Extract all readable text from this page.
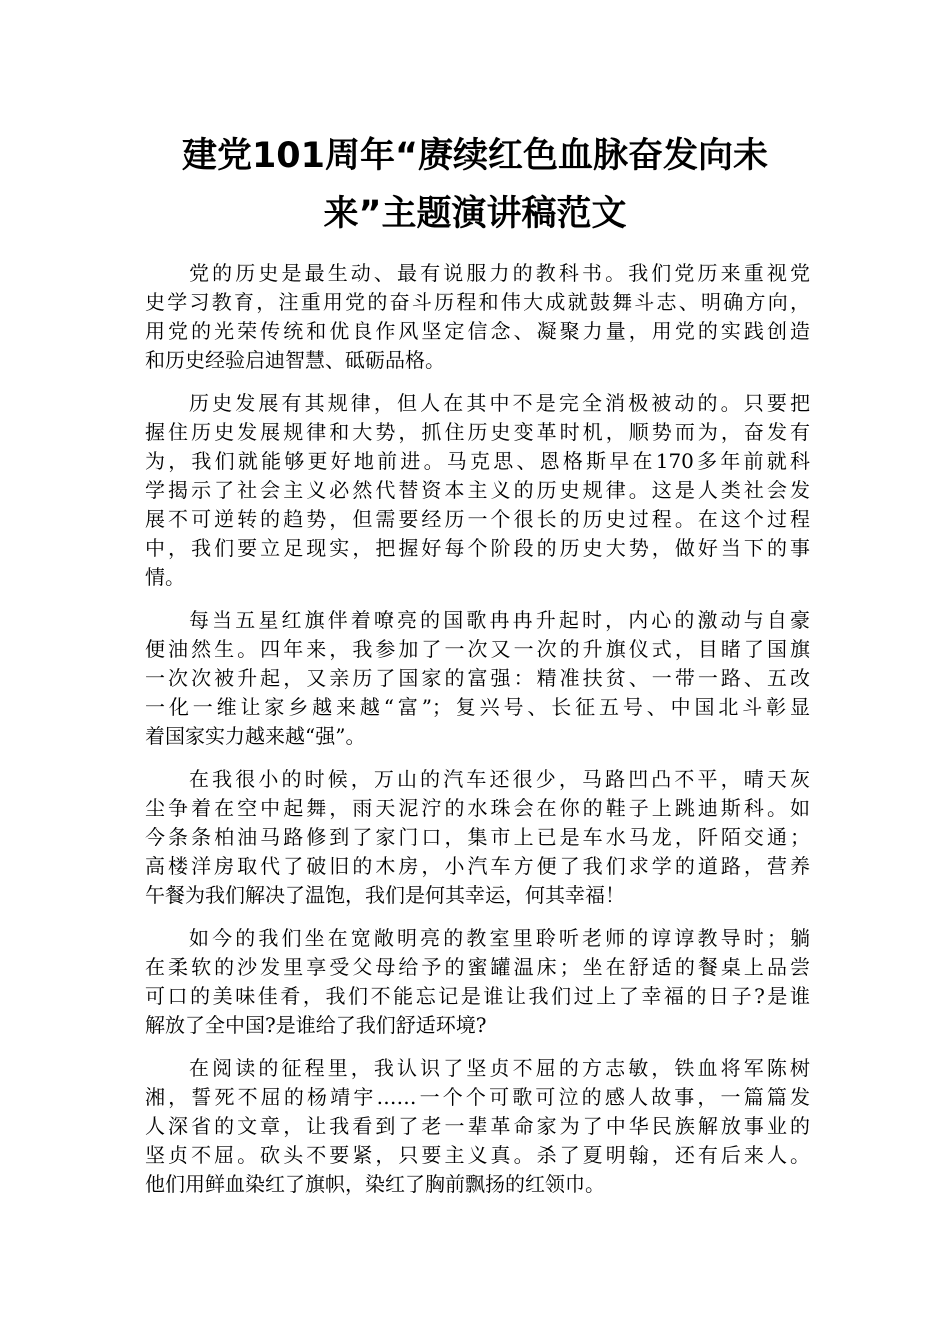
建党101周年“赓续红色血脉奋发向未
来”主题演讲稿范文
党的历史是最生动、最有说服力的教科书。我们党历来重视党
史学习教育，注重用党的奋斗历程和伟大成就鼓舞斗志、明确方向，
用党的光荣传统和优良作风坚定信念、凝聚力量，用党的实践创造
和历史经验启迪智慧、砥砺品格。
历史发展有其规律，但人在其中不是完全消极被动的。只要把
握住历史发展规律和大势，抓住历史变革时机，顺势而为，奋发有
为，我们就能够更好地前进。马克思、恩格斯早在170多年前就科
学揭示了社会主义必然代替资本主义的历史规律。这是人类社会发
展不可逆转的趋势，但需要经历一个很长的历史过程。在这个过程
中，我们要立足现实，把握好每个阶段的历史大势，做好当下的事
情。
每当五星红旗伴着嘹亮的国歌冉冉升起时，内心的激动与自豪
便油然生。四年来，我参加了一次又一次的升旗仪式，目睹了国旗
一次次被升起，又亲历了国家的富强：精准扶贫、一带一路、五改
一化一维让家乡越来越“富”；复兴号、长征五号、中国北斗彰显
着国家实力越来越“强”。
在我很小的时候，万山的汽车还很少，马路凹凸不平，晴天灰
尘争着在空中起舞，雨天泥泞的水珠会在你的鞋子上跳迪斯科。如
今条条柏油马路修到了家门口，集市上已是车水马龙，阡陌交通；
高楼洋房取代了破旧的木房，小汽车方便了我们求学的道路，营养
午餐为我们解决了温饱，我们是何其幸运，何其幸福！
如今的我们坐在宽敞明亮的教室里聆听老师的谆谆教导时；躺
在柔软的沙发里享受父母给予的蜜罐温床；坐在舒适的餐桌上品尝
可口的美味佳肴，我们不能忘记是谁让我们过上了幸福的日子?是谁
解放了全中国?是谁给了我们舒适环境?
在阅读的征程里，我认识了坚贞不屈的方志敏，铁血将军陈树
湘，誓死不屈的杨靖宇……一个个可歌可泣的感人故事，一篇篇发
人深省的文章，让我看到了老一辈革命家为了中华民族解放事业的
坚贞不屈。砍头不要紧，只要主义真。杀了夏明翰，还有后来人。
他们用鲜血染红了旗帜，染红了胸前飘扬的红领巾。
